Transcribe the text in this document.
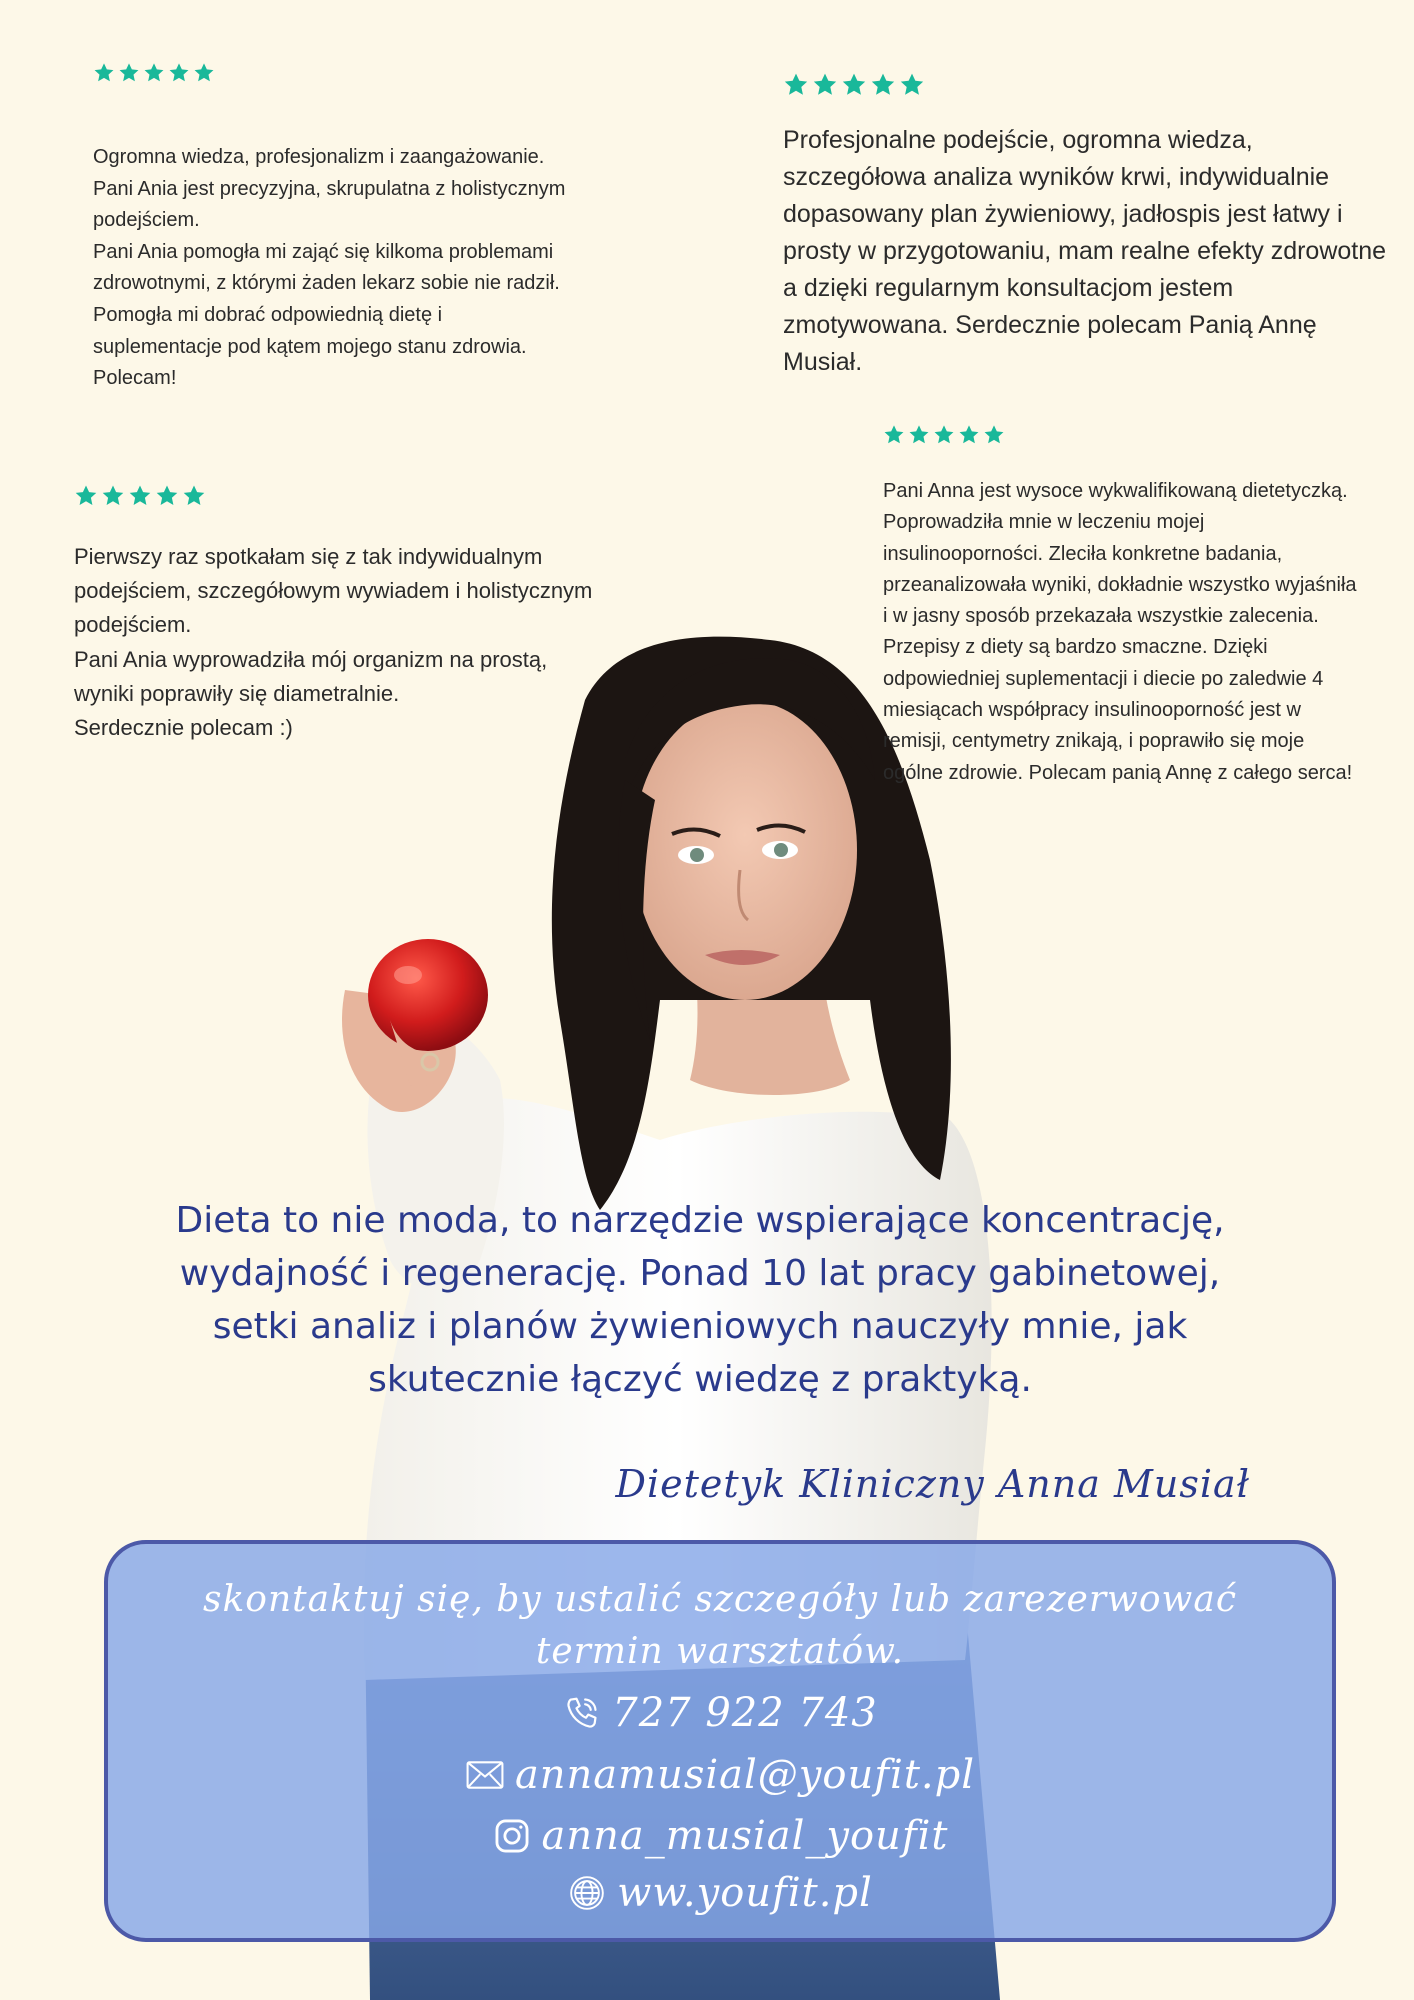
Ogromna wiedza, profesjonalizm i zaangażowanie.

Pani Ania jest precyzyjna, skrupulatna z holistycznym

podejściem.

Pani Ania pomogła mi zająć się kilkoma problemami

zdrowotnymi, z którymi żaden lekarz sobie nie radził.

Pomogła mi dobrać odpowiednią dietę i

suplementacje pod kątem mojego stanu zdrowia.

Polecam!

Profesjonalne podejście, ogromna wiedza,

szczegółowa analiza wyników krwi, indywidualnie

dopasowany plan żywieniowy, jadłospis jest łatwy i

prosty w przygotowaniu, mam realne efekty zdrowotne

a dzięki regularnym konsultacjom jestem

zmotywowana. Serdecznie polecam Panią Annę

Musiał.

Pierwszy raz spotkałam się z tak indywidualnym

podejściem, szczegółowym wywiadem i holistycznym

podejściem.

Pani Ania wyprowadziła mój organizm na prostą,

wyniki poprawiły się diametralnie.

Serdecznie polecam :)

Pani Anna jest wysoce wykwalifikowaną dietetyczką.

Poprowadziła mnie w leczeniu mojej

insulinooporności. Zleciła konkretne badania,

przeanalizowała wyniki, dokładnie wszystko wyjaśniła

i w jasny sposób przekazała wszystkie zalecenia.

Przepisy z diety są bardzo smaczne. Dzięki

odpowiedniej suplementacji i diecie po zaledwie 4

miesiącach współpracy insulinooporność jest w

remisji, centymetry znikają, i poprawiło się moje

ogólne zdrowie. Polecam panią Annę z całego serca!

Dieta to nie moda, to narzędzie wspierające koncentrację,
wydajność i regenerację. Ponad 10 lat pracy gabinetowej,
setki analiz i planów żywieniowych nauczyły mnie, jak
skutecznie łączyć wiedzę z praktyką.
Dietetyk Kliniczny Anna Musiał
skontaktuj się, by ustalić szczegóły lub zarezerwować
termin warsztatów.
727 922 743
annamusial@youfit.pl
anna_musial_youfit
ww.youfit.pl
